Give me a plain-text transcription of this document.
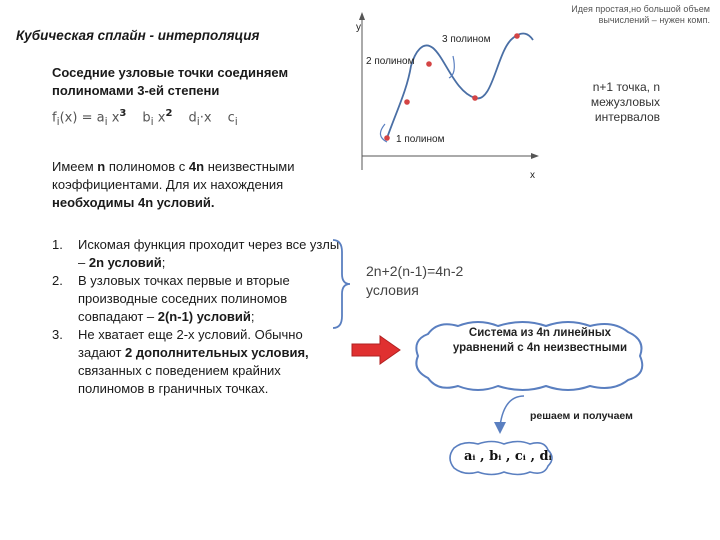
Кубическая сплайн - интерполяция
Идея простая,но большой объем вычислений – нужен комп.
Соседние узловые точки соединяем полиномами 3-ей степени
$f_i(x) = a_i$ $x^3$ $b_i$ $x^2$ $d_i\cdot x$ $c_i$
Имеем n полиномов с 4n неизвестными коэффициентами. Для их нахождения необходимы 4n условий.
1. Искомая функция проходит через все узлы – 2n условий;
2. В узловых точках первые и вторые производные соседних полиномов совпадают – 2(n-1) условий;
3. Не хватает еще 2-х условий. Обычно задают 2 дополнительных условия, связанных с поведением крайних полиномов в граничных точках.
y
x
1 полином
2 полином
3 полином
n+1 точка, n межузловых интервалов
2n+2(n-1)=4n-2 условия
Система из 4n линейных уравнений с 4n неизвестными
решаем и получаем
aᵢ , bᵢ , cᵢ , dᵢ
